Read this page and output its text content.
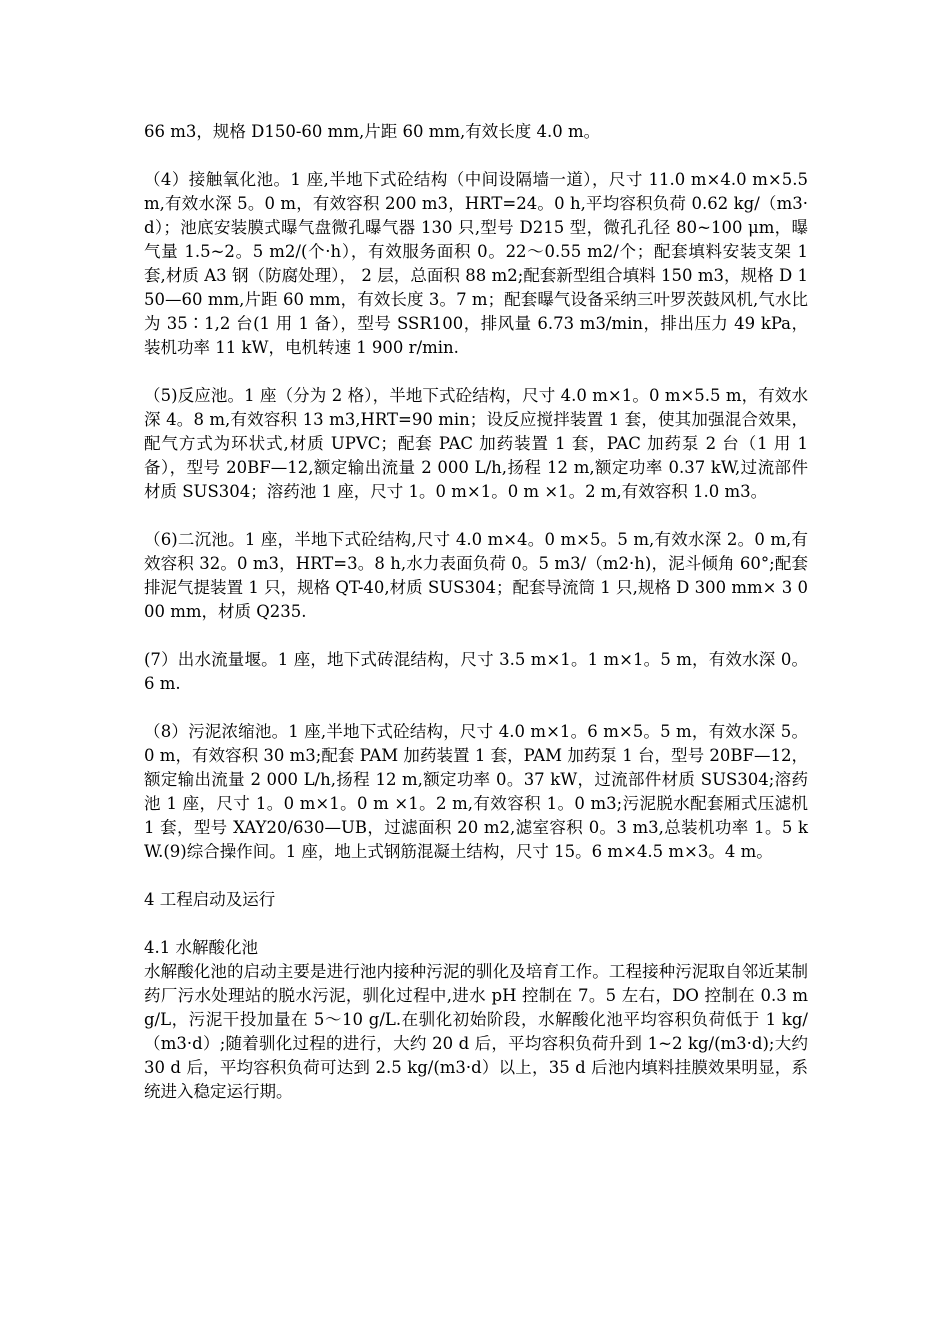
66 m3，规格 D150-60 mm,片距 60 mm,有效长度 4.0 m。

（4）接触氧化池。1 座,半地下式砼结构（中间设隔墙一道），尺寸 11.0 m×4.0 m×5.5 m,有效水深 5。0 m，有效容积 200 m3，HRT=24。0 h,平均容积负荷 0.62 kg/（m3·d）；池底安装膜式曝气盘微孔曝气器 130 只,型号 D215 型，微孔孔径 80~100 μm，曝气量 1.5~2。5 m2/(个·h），有效服务面积 0。22～0.55 m2/个；配套填料安装支架 1 套,材质 A3 钢（防腐处理）， 2 层，总面积 88 m2;配套新型组合填料 150 m3，规格 D 150—60 mm,片距 60 mm，有效长度 3。7 m；配套曝气设备采纳三叶罗茨鼓风机,气水比为 35∶1,2 台(1 用 1 备），型号 SSR100，排风量 6.73 m3/min，排出压力 49 kPa，装机功率 11 kW，电机转速 1 900 r/min.

（5)反应池。1 座（分为 2 格），半地下式砼结构，尺寸 4.0 m×1。0 m×5.5 m，有效水深 4。8 m,有效容积 13 m3,HRT=90 min；设反应搅拌装置 1 套，使其加强混合效果，配气方式为环状式,材质 UPVC；配套 PAC 加药装置 1 套，PAC 加药泵 2 台（1 用 1 备），型号 20BF—12,额定输出流量 2 000 L/h,扬程 12 m,额定功率 0.37 kW,过流部件材质 SUS304；溶药池 1 座，尺寸 1。0 m×1。0 m ×1。2 m,有效容积 1.0 m3。

（6)二沉池。1 座，半地下式砼结构,尺寸 4.0 m×4。0 m×5。5 m,有效水深 2。0 m,有效容积 32。0 m3，HRT=3。8 h,水力表面负荷 0。5 m3/（m2·h)，泥斗倾角 60°;配套排泥气提装置 1 只，规格 QT-40,材质 SUS304；配套导流筒 1 只,规格 D 300 mm× 3 000 mm，材质 Q235.

(7）出水流量堰。1 座，地下式砖混结构，尺寸 3.5 m×1。1 m×1。5 m，有效水深 0。6 m.

（8）污泥浓缩池。1 座,半地下式砼结构，尺寸 4.0 m×1。6 m×5。5 m，有效水深 5。0 m，有效容积 30 m3;配套 PAM 加药装置 1 套，PAM 加药泵 1 台，型号 20BF—12，额定输出流量 2 000 L/h,扬程 12 m,额定功率 0。37 kW，过流部件材质 SUS304;溶药池 1 座，尺寸 1。0 m×1。0 m ×1。2 m,有效容积 1。0 m3;污泥脱水配套厢式压滤机 1 套，型号 XAY20/630—UB，过滤面积 20 m2,滤室容积 0。3 m3,总装机功率 1。5 kW.(9)综合操作间。1 座，地上式钢筋混凝土结构，尺寸 15。6 m×4.5 m×3。4 m。

4 工程启动及运行
4.1 水解酸化池

水解酸化池的启动主要是进行池内接种污泥的驯化及培育工作。工程接种污泥取自邻近某制药厂污水处理站的脱水污泥，驯化过程中,进水 pH 控制在 7。5 左右，DO 控制在 0.3 mg/L，污泥干投加量在 5～10 g/L.在驯化初始阶段，水解酸化池平均容积负荷低于 1 kg/（m3·d）;随着驯化过程的进行，大约 20 d 后，平均容积负荷升到 1~2 kg/(m3·d);大约 30 d 后，平均容积负荷可达到 2.5 kg/(m3·d）以上，35 d 后池内填料挂膜效果明显，系统进入稳定运行期。
